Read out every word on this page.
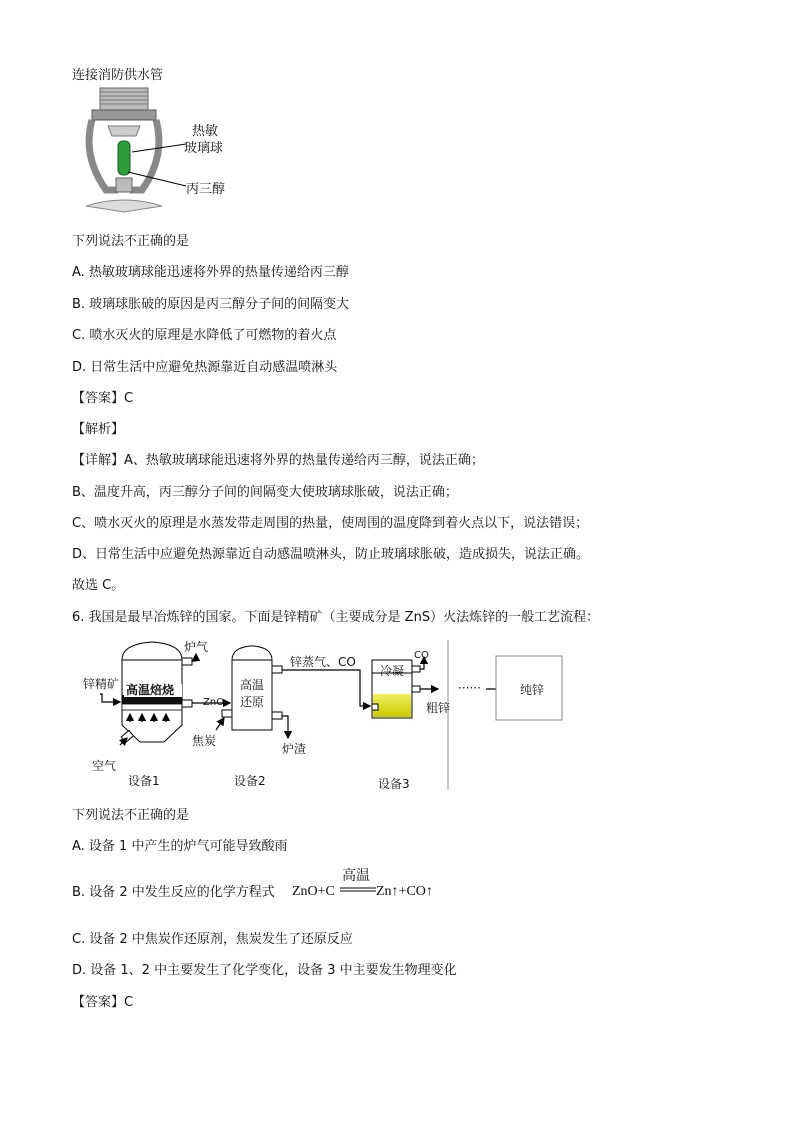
连接消防供水管
热敏
玻璃球
丙三醇
下列说法不正确的是
A. 热敏玻璃球能迅速将外界的热量传递给丙三醇
B. 玻璃球胀破的原因是丙三醇分子间的间隔变大
C. 喷水灭火的原理是水降低了可燃物的着火点
D. 日常生活中应避免热源靠近自动感温喷淋头
【答案】C
【解析】
【详解】A、热敏玻璃球能迅速将外界的热量传递给丙三醇，说法正确；
B、温度升高，丙三醇分子间的间隔变大使玻璃球胀破，说法正确；
C、喷水灭火的原理是水蒸发带走周围的热量，使周围的温度降到着火点以下，说法错误；
D、日常生活中应避免热源靠近自动感温喷淋头，防止玻璃球胀破，造成损失，说法正确。
故选 C。
6. 我国是最早冶炼锌的国家。下面是锌精矿（主要成分是 ZnS）火法炼锌的一般工艺流程：
锌精矿 高温焙烧
炉气
空气
ZnO
焦炭
高温
还原
炉渣
锌蒸气、CO
冷凝
CO
粗锌
······	纯锌
设备1	设备2	设备3
下列说法不正确的是
A. 设备 1 中产生的炉气可能导致酸雨
B. 设备 2 中发生反应的化学方程式 ZnO+C
高温
Zn↑+CO↑
C. 设备 2 中焦炭作还原剂，焦炭发生了还原反应
D. 设备 1、2 中主要发生了化学变化，设备 3 中主要发生物理变化
【答案】C
